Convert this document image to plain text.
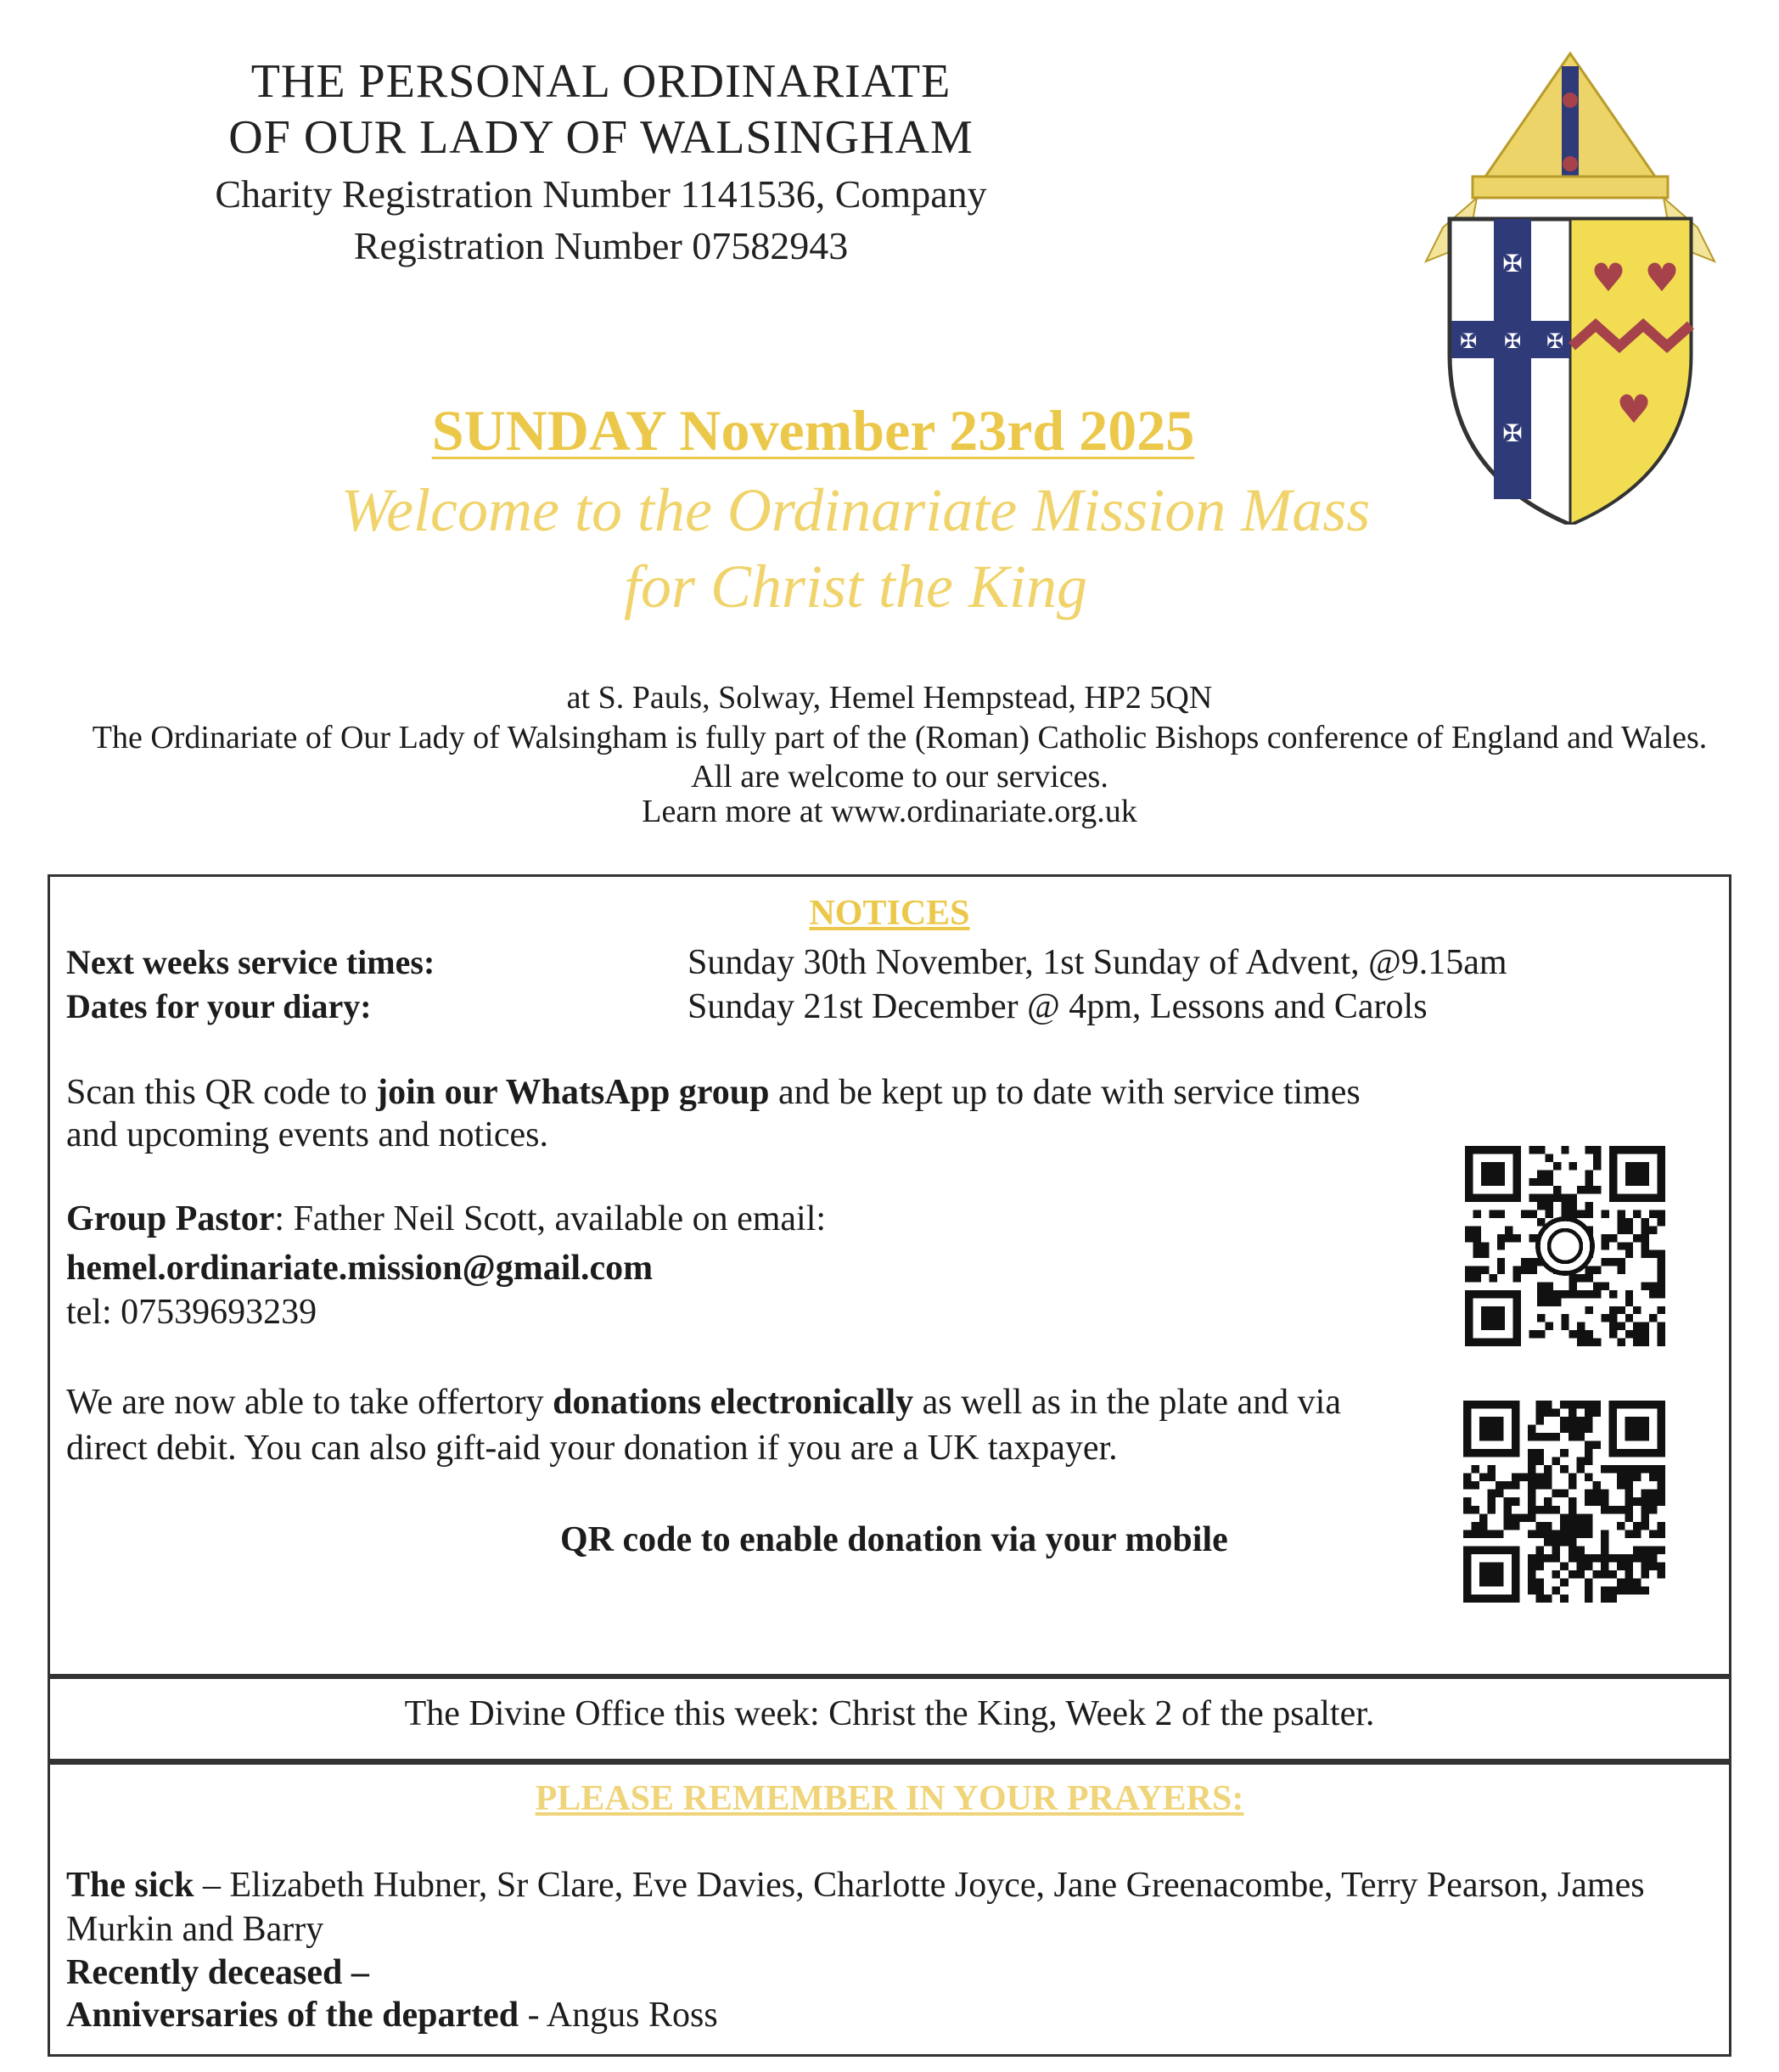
THE PERSONAL ORDINARIATE
OF OUR LADY OF WALSINGHAM
Charity Registration Number 1141536, Company
Registration Number 07582943	✠
✠ ✠ ✠
✠
♥ ♥
♥
SUNDAY November 23rd 2025
Welcome to the Ordinariate Mission Mass
for Christ the King
at S. Pauls, Solway, Hemel Hempstead, HP2 5QN
The Ordinariate of Our Lady of Walsingham is fully part of the (Roman) Catholic Bishops conference of England and Wales. All are welcome to our services.
Learn more at www.ordinariate.org.uk
NOTICES
Next weeks service times:	Sunday 30th November, 1st Sunday of Advent, @9.15am
Dates for your diary:	Sunday 21st December @ 4pm, Lessons and Carols
Scan this QR code to join our WhatsApp group and be kept up to date with service times and upcoming events and notices.
Group Pastor: Father Neil Scott, available on email:
hemel.ordinariate.mission@gmail.com
tel: 07539693239
We are now able to take offertory donations electronically as well as in the plate and via direct debit. You can also gift-aid your donation if you are a UK taxpayer.
QR code to enable donation via your mobile
The Divine Office this week: Christ the King, Week 2 of the psalter.
PLEASE REMEMBER IN YOUR PRAYERS:
The sick – Elizabeth Hubner, Sr Clare, Eve Davies, Charlotte Joyce, Jane Greenacombe, Terry Pearson, James Murkin and Barry
Recently deceased –
Anniversaries of the departed - Angus Ross
